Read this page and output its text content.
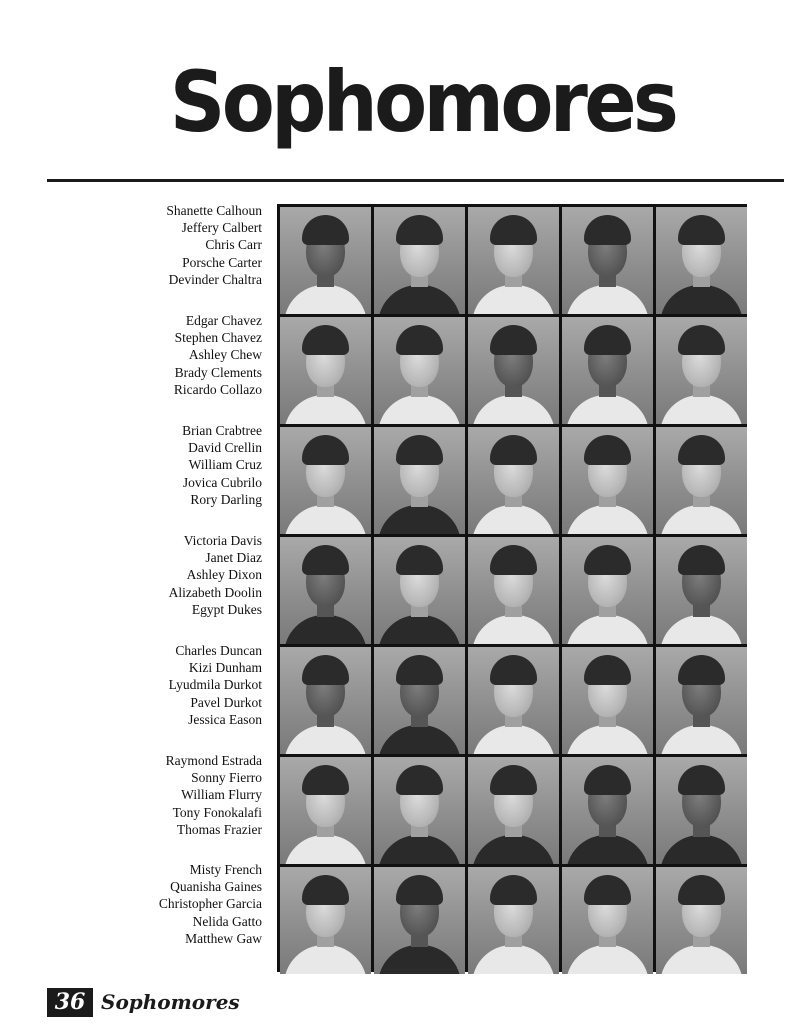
Sophomores
Shanette Calhoun
Jeffery Calbert
Chris Carr
Porsche Carter
Devinder Chaltra
Edgar Chavez
Stephen Chavez
Ashley Chew
Brady Clements
Ricardo Collazo
Brian Crabtree
David Crellin
William Cruz
Jovica Cubrilo
Rory Darling
Victoria Davis
Janet Diaz
Ashley Dixon
Alizabeth Doolin
Egypt Dukes
Charles Duncan
Kizi Dunham
Lyudmila Durkot
Pavel Durkot
Jessica Eason
Raymond Estrada
Sonny Fierro
William Flurry
Tony Fonokalafi
Thomas Frazier
Misty French
Quanisha Gaines
Christopher Garcia
Nelida Gatto
Matthew Gaw
36 Sophomores
